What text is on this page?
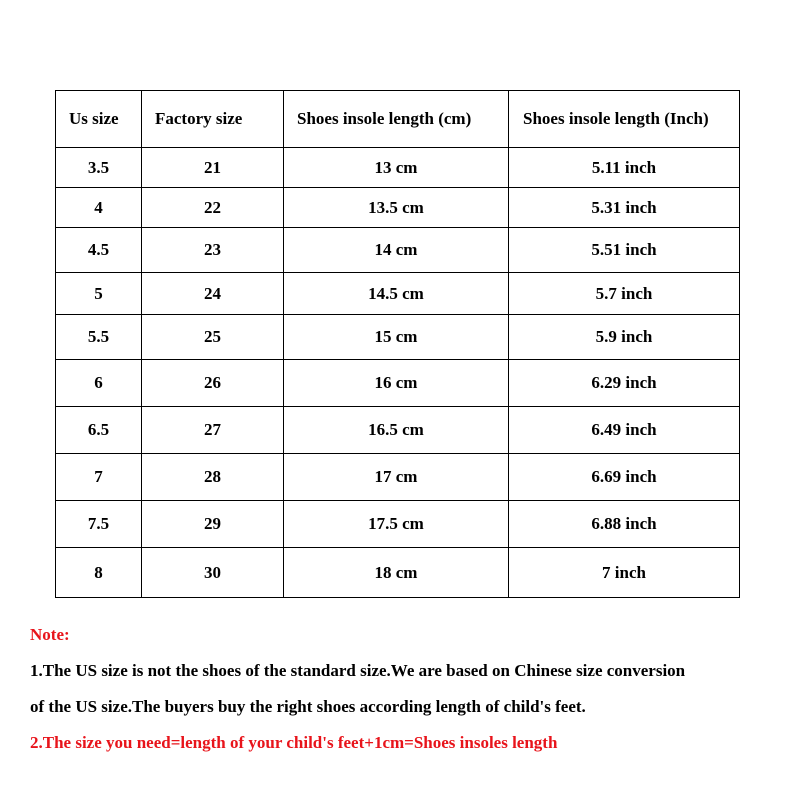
Us size	Factory size	Shoes insole length (cm)	Shoes insole length (Inch)
3.5	21	13 cm	5.11 inch
4	22	13.5 cm	5.31 inch
4.5	23	14 cm	5.51 inch
5	24	14.5 cm	5.7 inch
5.5	25	15 cm	5.9 inch
6	26	16 cm	6.29 inch
6.5	27	16.5 cm	6.49 inch
7	28	17 cm	6.69 inch
7.5	29	17.5 cm	6.88 inch
8	30	18 cm	7 inch
Note:
1.The US size is not the shoes of the standard size.We are based on Chinese size conversion
of the US size.The buyers buy the right shoes according length of child's feet.
2.The size you need=length of your child's feet+1cm=Shoes insoles length
